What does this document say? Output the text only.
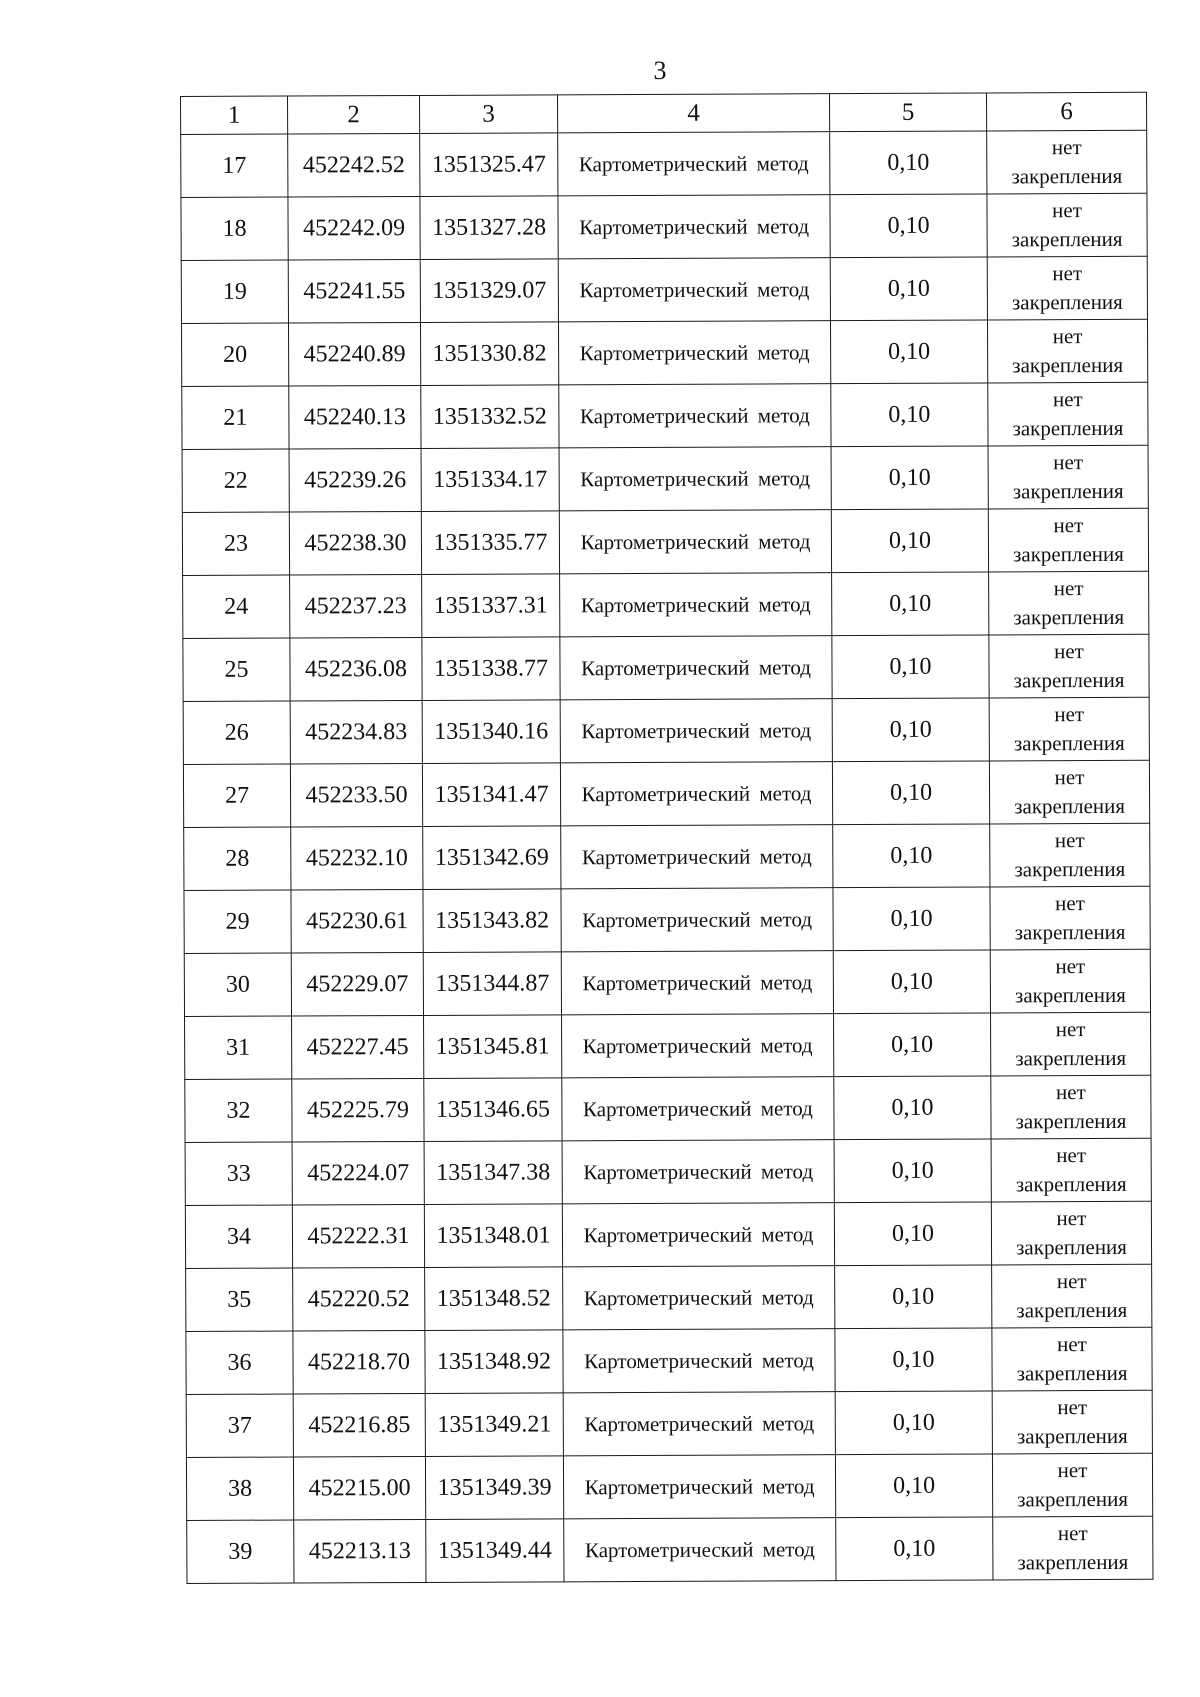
3
1	2	3	4	5	6
17	452242.52	1351325.47	Картометрический метод	0,10	нет
закрепления

18	452242.09	1351327.28	Картометрический метод	0,10	нет
закрепления

19	452241.55	1351329.07	Картометрический метод	0,10	нет
закрепления

20	452240.89	1351330.82	Картометрический метод	0,10	нет
закрепления

21	452240.13	1351332.52	Картометрический метод	0,10	нет
закрепления

22	452239.26	1351334.17	Картометрический метод	0,10	нет
закрепления

23	452238.30	1351335.77	Картометрический метод	0,10	нет
закрепления

24	452237.23	1351337.31	Картометрический метод	0,10	нет
закрепления

25	452236.08	1351338.77	Картометрический метод	0,10	нет
закрепления

26	452234.83	1351340.16	Картометрический метод	0,10	нет
закрепления

27	452233.50	1351341.47	Картометрический метод	0,10	нет
закрепления

28	452232.10	1351342.69	Картометрический метод	0,10	нет
закрепления

29	452230.61	1351343.82	Картометрический метод	0,10	нет
закрепления

30	452229.07	1351344.87	Картометрический метод	0,10	нет
закрепления

31	452227.45	1351345.81	Картометрический метод	0,10	нет
закрепления

32	452225.79	1351346.65	Картометрический метод	0,10	нет
закрепления

33	452224.07	1351347.38	Картометрический метод	0,10	нет
закрепления

34	452222.31	1351348.01	Картометрический метод	0,10	нет
закрепления

35	452220.52	1351348.52	Картометрический метод	0,10	нет
закрепления

36	452218.70	1351348.92	Картометрический метод	0,10	нет
закрепления

37	452216.85	1351349.21	Картометрический метод	0,10	нет
закрепления

38	452215.00	1351349.39	Картометрический метод	0,10	нет
закрепления

39	452213.13	1351349.44	Картометрический метод	0,10	нет
закрепления
